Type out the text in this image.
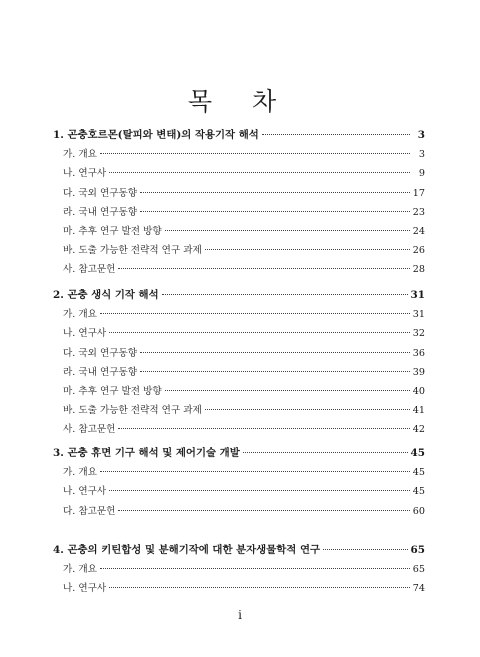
목 차
1. 곤충호르몬(탈피와 변태)의 작용기작 해석	3
가. 개요	3
나. 연구사	9
다. 국외 연구동향	17
라. 국내 연구동향	23
마. 추후 연구 발전 방향	24
바. 도출 가능한 전략적 연구 과제	26
사. 참고문헌	28
2. 곤충 생식 기작 해석	31
가. 개요	31
나. 연구사	32
다. 국외 연구동향	36
라. 국내 연구동향	39
마. 추후 연구 발전 방향	40
바. 도출 가능한 전략적 연구 과제	41
사. 참고문헌	42
3. 곤충 휴면 기구 해석 및 제어기술 개발	45
가. 개요	45
나. 연구사	45
다. 참고문헌	60
4. 곤충의 키틴합성 및 분해기작에 대한 분자생물학적 연구	65
가. 개요	65
나. 연구사	74
i
